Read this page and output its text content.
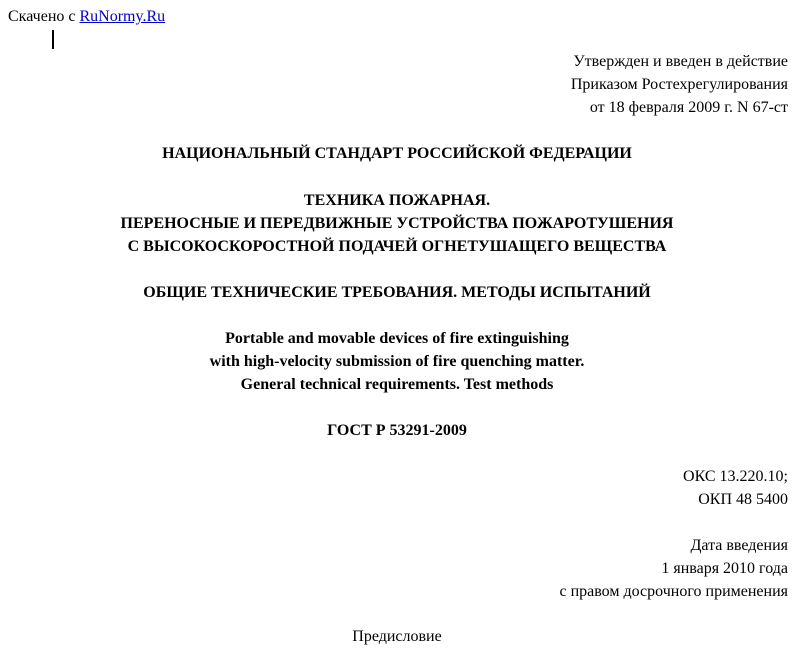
Скачено с RuNormy.Ru
Утвержден и введен в действие
Приказом Ростехрегулирования
от 18 февраля 2009 г. N 67-ст
НАЦИОНАЛЬНЫЙ СТАНДАРТ РОССИЙСКОЙ ФЕДЕРАЦИИ
ТЕХНИКА ПОЖАРНАЯ.
ПЕРЕНОСНЫЕ И ПЕРЕДВИЖНЫЕ УСТРОЙСТВА ПОЖАРОТУШЕНИЯ
С ВЫСОКОСКОРОСТНОЙ ПОДАЧЕЙ ОГНЕТУШАЩЕГО ВЕЩЕСТВА
ОБЩИЕ ТЕХНИЧЕСКИЕ ТРЕБОВАНИЯ. МЕТОДЫ ИСПЫТАНИЙ
Portable and movable devices of fire extinguishing
with high-velocity submission of fire quenching matter.
General technical requirements. Test methods
ГОСТ Р 53291-2009
ОКС 13.220.10;
ОКП 48 5400
Дата введения
1 января 2010 года
с правом досрочного применения
Предисловие
